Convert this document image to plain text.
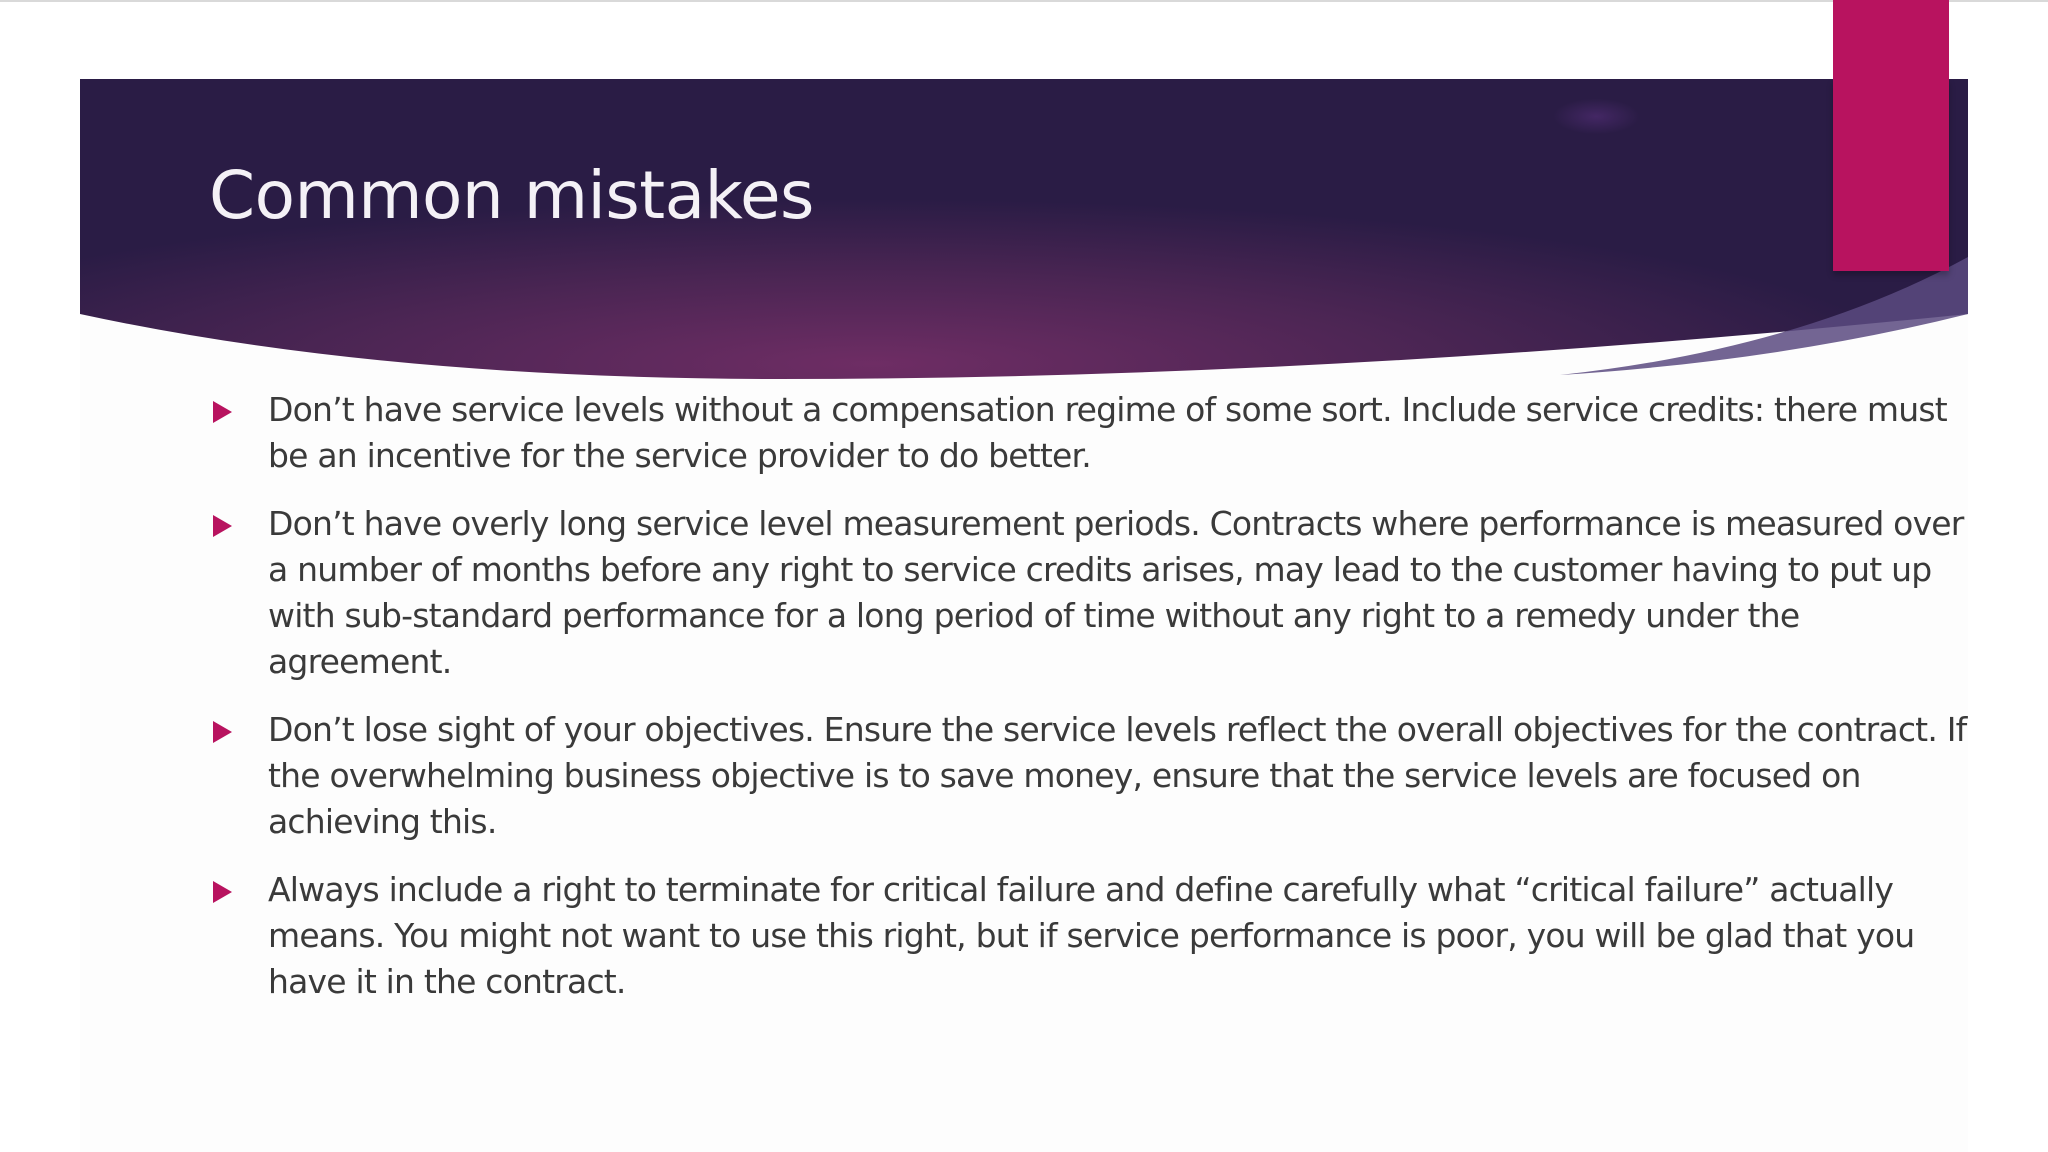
Common mistakes
Don’t have service levels without a compensation regime of some sort. Include service credits: there must be an incentive for the service provider to do better.
Don’t have overly long service level measurement periods. Contracts where performance is measured over a number of months before any right to service credits arises, may lead to the customer having to put up with sub-standard performance for a long period of time without any right to a remedy under the agreement.
Don’t lose sight of your objectives. Ensure the service levels reflect the overall objectives for the contract. If the overwhelming business objective is to save money, ensure that the service levels are focused on achieving this.
Always include a right to terminate for critical failure and define carefully what “critical failure” actually means. You might not want to use this right, but if service performance is poor, you will be glad that you have it in the contract.
